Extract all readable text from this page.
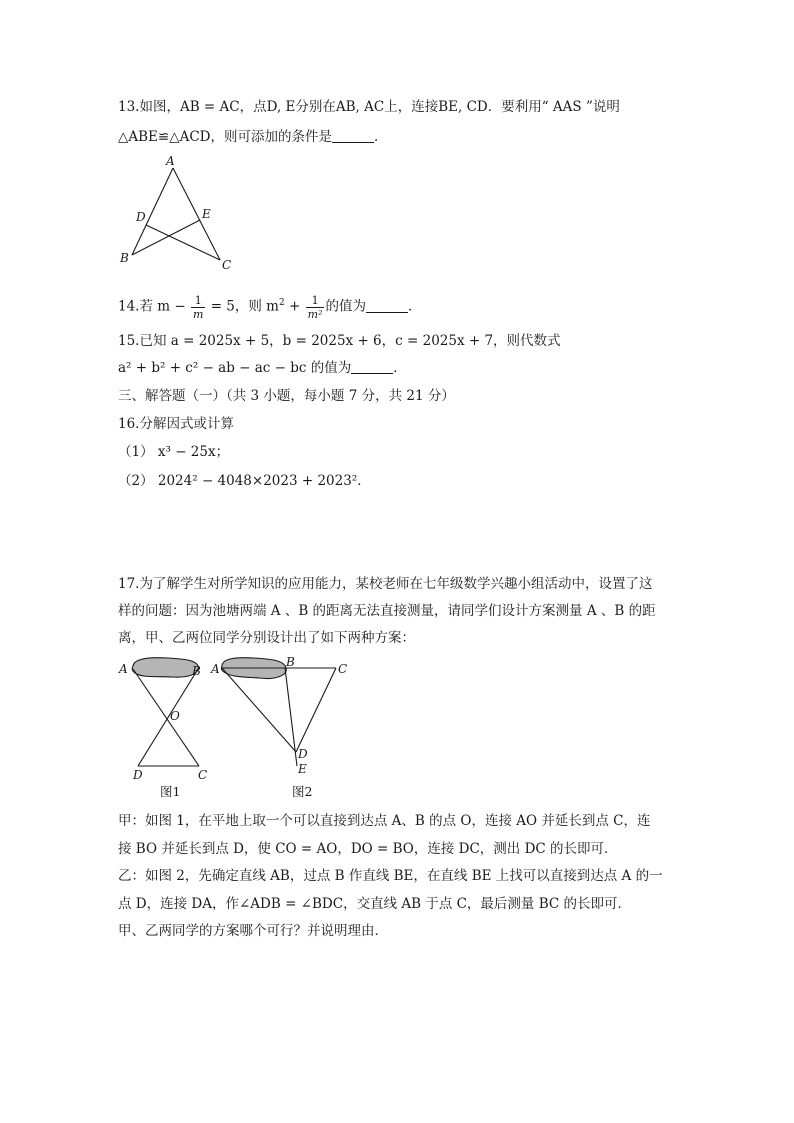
13.如图，AB = AC，点D, E分别在AB, AC上，连接BE, CD．要利用“ AAS ”说明
△ABE≌△ACD，则可添加的条件是	．
A
D	E
B	C
14.若 $m - \frac{1}{m} = 5$，则 $m^2 + \frac{1}{\text{m²}}$ 的值为	．
15.已知 a = 2025x + 5，b = 2025x + 6，c = 2025x + 7，则代数式
a² + b² + c² − ab − ac − bc 的值为	．
三、解答题（一）（共 3 小题，每小题 7 分，共 21 分）
16.分解因式或计算
（1） x³ − 25x；
（2） 2024² − 4048×2023 + 2023²．
17.为了解学生对所学知识的应用能力，某校老师在七年级数学兴趣小组活动中，设置了这
样的问题：因为池塘两端 A 、B 的距离无法直接测量，请同学们设计方案测量 A 、B 的距
离，甲、乙两位同学分别设计出了如下两种方案：
A	B
O
D	C
图1
A	B	C
D
E
图2
甲：如图 1，在平地上取一个可以直接到达点 A、B 的点 O，连接 AO 并延长到点 C，连
接 BO 并延长到点 D，使 CO = AO，DO = BO，连接 DC，测出 DC 的长即可．
乙：如图 2，先确定直线 AB，过点 B 作直线 BE，在直线 BE 上找可以直接到达点 A 的一
点 D，连接 DA，作∠ADB = ∠BDC，交直线 AB 于点 C，最后测量 BC 的长即可．
甲、乙两同学的方案哪个可行？并说明理由．
